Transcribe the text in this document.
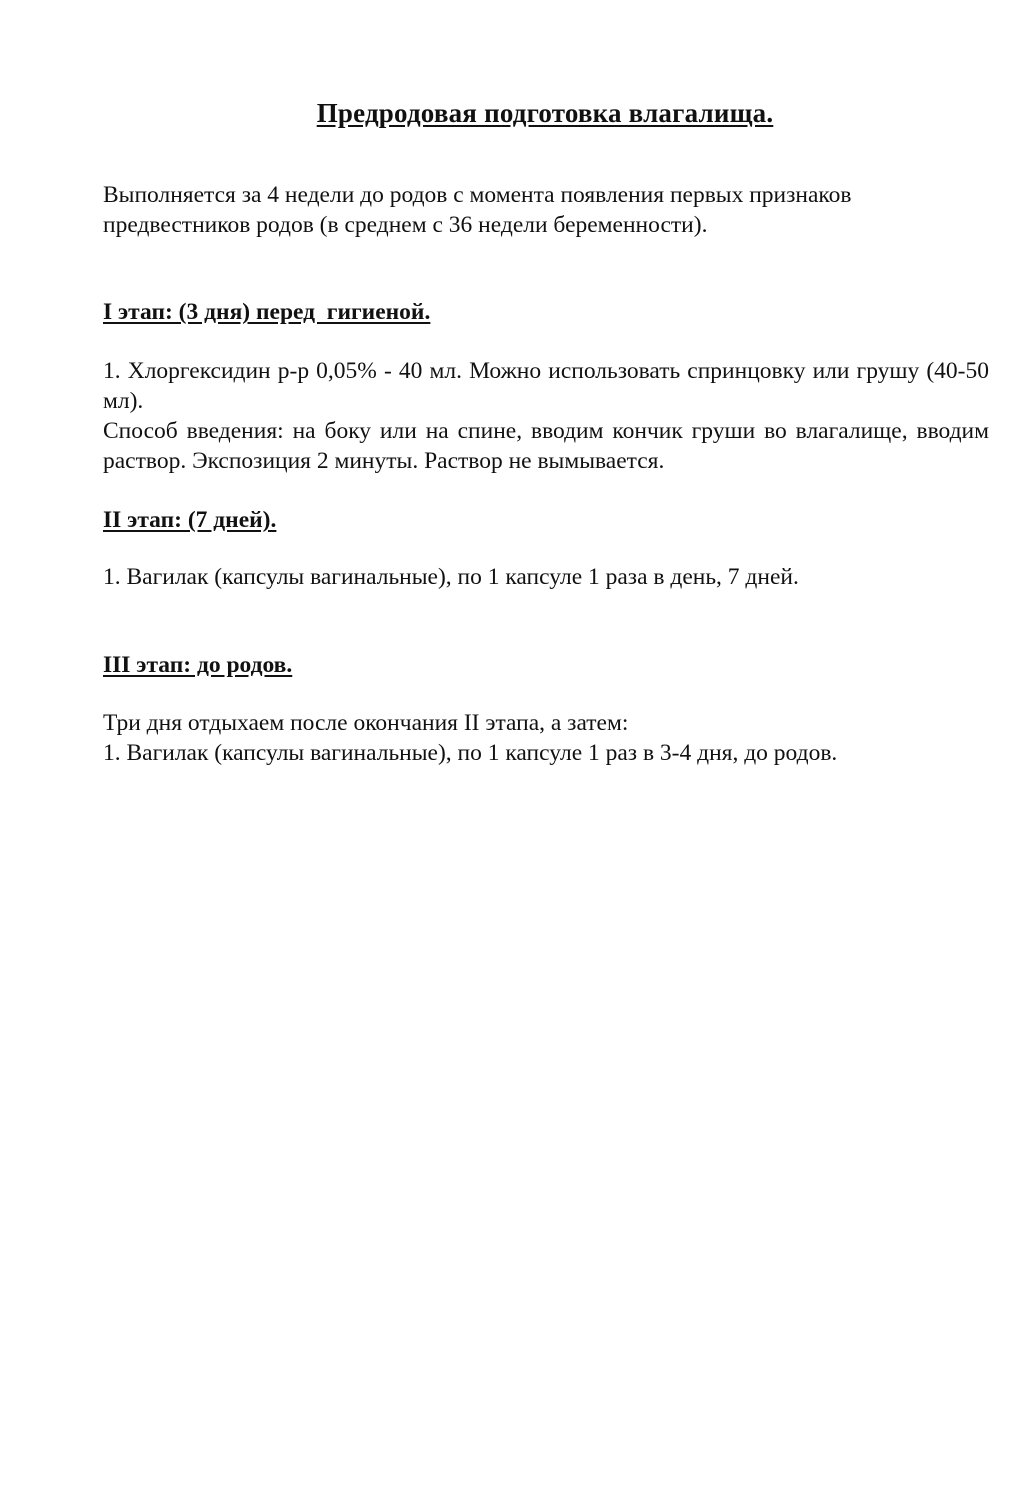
Предродовая подготовка влагалища.

Выполняется за 4 недели до родов с момента появления первых признаков предвестников родов (в среднем с 36 недели беременности).

I этап: (3 дня) перед  гигиеной.

1. Хлоргексидин р-р 0,05% - 40 мл. Можно использовать спринцовку или грушу (40-50 мл).

Способ введения: на боку или на спине, вводим кончик груши во влагалище, вводим раствор. Экспозиция 2 минуты. Раствор не вымывается.

II этап: (7 дней).

1. Вагилак (капсулы вагинальные), по 1 капсуле 1 раза в день, 7 дней.

III этап: до родов.

Три дня отдыхаем после окончания II этапа, а затем:

1. Вагилак (капсулы вагинальные), по 1 капсуле 1 раз в 3-4 дня, до родов.
